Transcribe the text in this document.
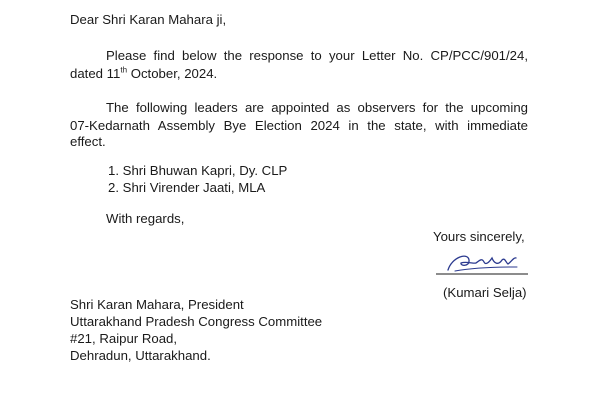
Dear Shri Karan Mahara ji,
Please find below the response to your Letter No. CP/PCC/901/24,
dated 11th October, 2024.
The following leaders are appointed as observers for the upcoming
07-Kedarnath Assembly Bye Election 2024 in the state, with immediate
effect.
1. Shri Bhuwan Kapri, Dy. CLP
2. Shri Virender Jaati, MLA
With regards,
Yours sincerely,
(Kumari Selja)
Shri Karan Mahara, President
Uttarakhand Pradesh Congress Committee
#21, Raipur Road,
Dehradun, Uttarakhand.
